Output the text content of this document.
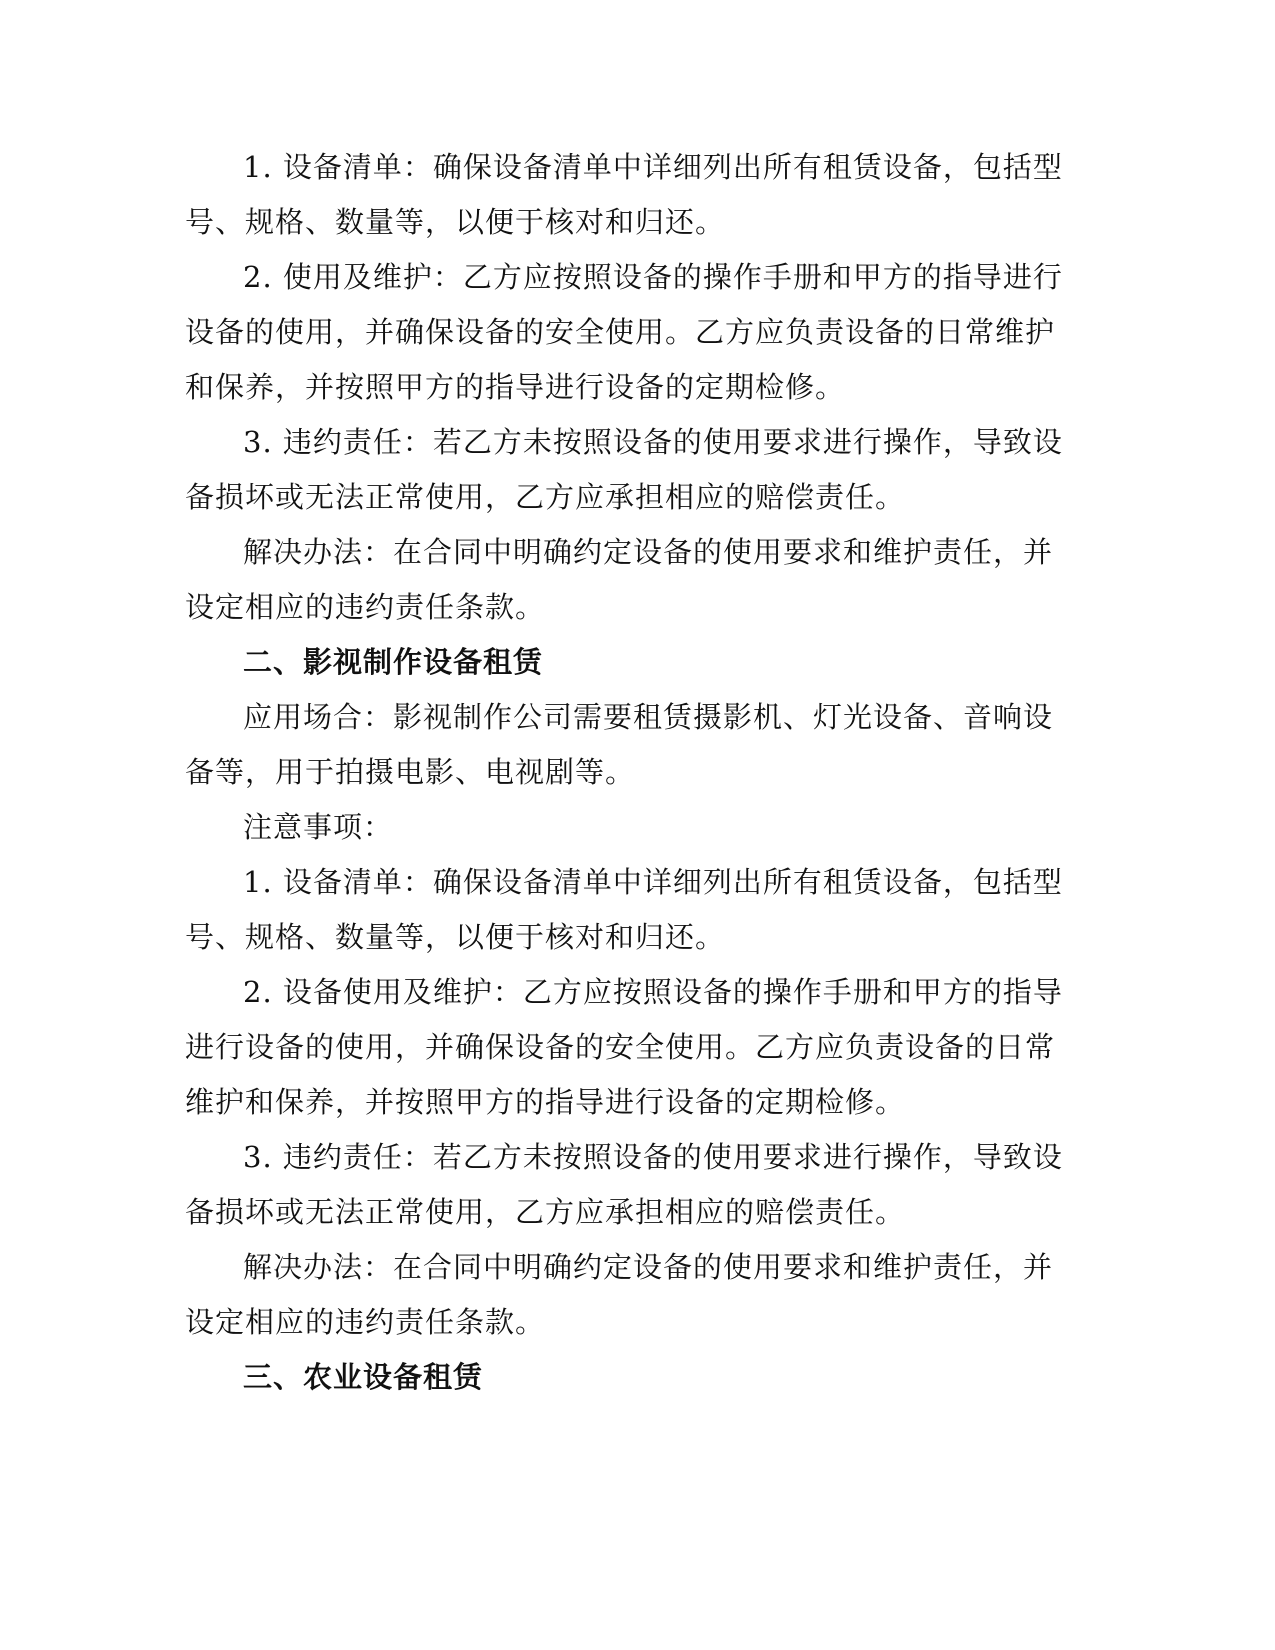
1. 设备清单：确保设备清单中详细列出所有租赁设备，包括型号、规格、数量等，以便于核对和归还。

2. 使用及维护：乙方应按照设备的操作手册和甲方的指导进行设备的使用，并确保设备的安全使用。乙方应负责设备的日常维护和保养，并按照甲方的指导进行设备的定期检修。

3. 违约责任：若乙方未按照设备的使用要求进行操作，导致设备损坏或无法正常使用，乙方应承担相应的赔偿责任。

解决办法：在合同中明确约定设备的使用要求和维护责任，并设定相应的违约责任条款。

二、影视制作设备租赁

应用场合：影视制作公司需要租赁摄影机、灯光设备、音响设备等，用于拍摄电影、电视剧等。

注意事项：

1. 设备清单：确保设备清单中详细列出所有租赁设备，包括型号、规格、数量等，以便于核对和归还。

2. 设备使用及维护：乙方应按照设备的操作手册和甲方的指导进行设备的使用，并确保设备的安全使用。乙方应负责设备的日常维护和保养，并按照甲方的指导进行设备的定期检修。

3. 违约责任：若乙方未按照设备的使用要求进行操作，导致设备损坏或无法正常使用，乙方应承担相应的赔偿责任。

解决办法：在合同中明确约定设备的使用要求和维护责任，并设定相应的违约责任条款。

三、农业设备租赁
